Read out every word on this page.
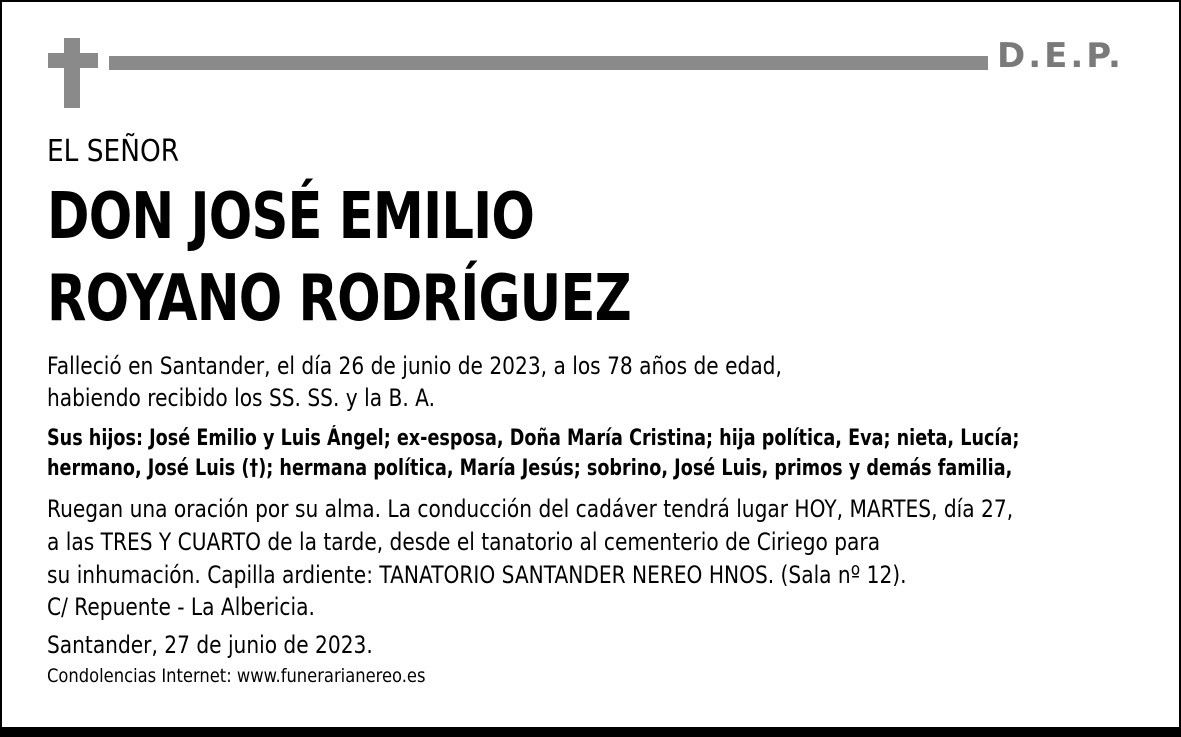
D.E.P.
EL SEÑOR
DON JOSÉ EMILIO
ROYANO RODRÍGUEZ
Falleció en Santander, el día 26 de junio de 2023, a los 78 años de edad,
habiendo recibido los SS. SS. y la B. A.
Sus hijos: José Emilio y Luis Ángel; ex-esposa, Doña María Cristina; hija política, Eva; nieta, Lucía;
hermano, José Luis (†); hermana política, María Jesús; sobrino, José Luis, primos y demás familia,
Ruegan una oración por su alma. La conducción del cadáver tendrá lugar HOY, MARTES, día 27,
a las TRES Y CUARTO de la tarde, desde el tanatorio al cementerio de Ciriego para
su inhumación. Capilla ardiente: TANATORIO SANTANDER NEREO HNOS. (Sala nº 12).
C/ Repuente - La Albericia.
Santander, 27 de junio de 2023.
Condolencias Internet: www.funerarianereo.es
